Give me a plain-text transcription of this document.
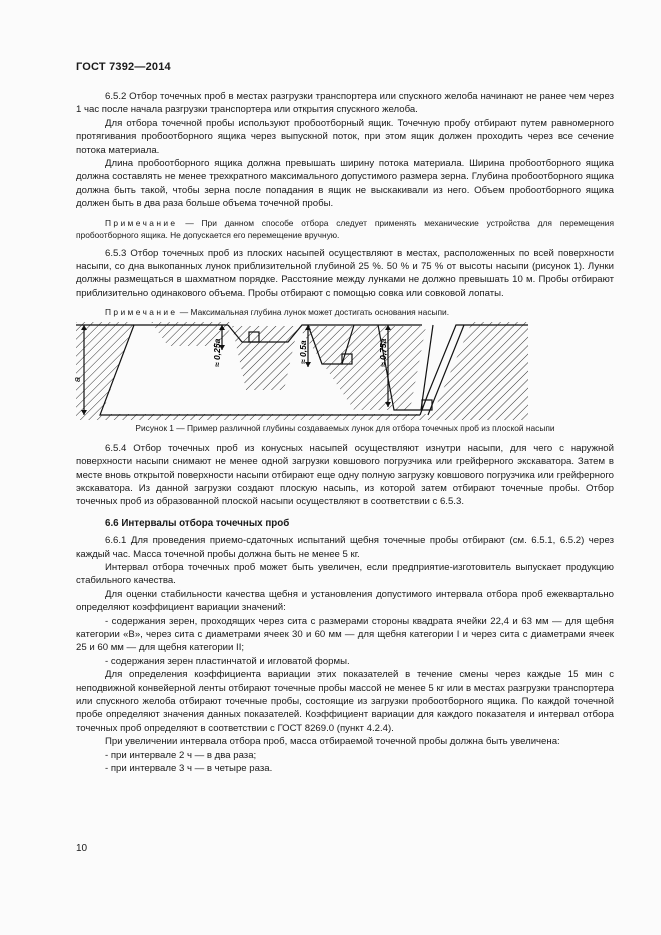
ГОСТ 7392—2014

6.5.2 Отбор точечных проб в местах разгрузки транспортера или спускного желоба начинают не ранее чем через 1 час после начала разгрузки транспортера или открытия спускного желоба.

Для отбора точечной пробы используют пробоотборный ящик. Точечную пробу отбирают путем равномерного протягивания пробоотборного ящика через выпускной поток, при этом ящик должен проходить через все сечение потока материала.

Длина пробоотборного ящика должна превышать ширину потока материала. Ширина пробоотборного ящика должна составлять не менее трехкратного максимального допустимого размера зерна. Глубина пробоотборного ящика должна быть такой, чтобы зерна после попадания в ящик не выскакивали из него. Объем пробоотборного ящика должен быть в два раза больше объема точечной пробы.

Примечание — При данном способе отбора следует применять механические устройства для перемещения пробоотборного ящика. Не допускается его перемещение вручную.

6.5.3 Отбор точечных проб из плоских насыпей осуществляют в местах, расположенных по всей поверхности насыпи, со дна выкопанных лунок приблизительной глубиной 25 %. 50 % и 75 % от высоты насыпи (рисунок 1). Лунки должны размещаться в шахматном порядке. Расстояние между лунками не должно превышать 10 м. Пробы отбирают приблизительно одинакового объема. Пробы отбирают с помощью совка или совковой лопаты.

Примечание — Максимальная глубина лунок может достигать основания насыпи.

a
≈ 0,25a	≈ 0,5a	≈ 0,75a

Рисунок 1 — Пример различной глубины создаваемых лунок для отбора точечных проб из плоской насыпи

6.5.4 Отбор точечных проб из конусных насыпей осуществляют изнутри насыпи, для чего с наружной поверхности насыпи снимают не менее одной загрузки ковшового погрузчика или грейферного экскаватора. Затем в месте вновь открытой поверхности насыпи отбирают еще одну полную загрузку ковшового погрузчика или грейферного экскаватора. Из данной загрузки создают плоскую насыпь, из которой затем отбирают точечные пробы. Отбор точечных проб из образованной плоской насыпи осуществляют в соответствии с 6.5.3.

6.6 Интервалы отбора точечных проб

6.6.1 Для проведения приемо-сдаточных испытаний щебня точечные пробы отбирают (см. 6.5.1, 6.5.2) через каждый час. Масса точечной пробы должна быть не менее 5 кг.

Интервал отбора точечных проб может быть увеличен, если предприятие-изготовитель выпускает продукцию стабильного качества.

Для оценки стабильности качества щебня и установления допустимого интервала отбора проб ежеквартально определяют коэффициент вариации значений:

- содержания зерен, проходящих через сита с размерами стороны квадрата ячейки 22,4 и 63 мм — для щебня категории «В», через сита с диаметрами ячеек 30 и 60 мм — для щебня категории I и через сита с диаметрами ячеек 25 и 60 мм — для щебня категории II;

- содержания зерен пластинчатой и игловатой формы.

Для определения коэффициента вариации этих показателей в течение смены через каждые 15 мин с неподвижной конвейерной ленты отбирают точечные пробы массой не менее 5 кг или в местах разгрузки транспортера или спускного желоба отбирают точечные пробы, состоящие из загрузки пробоотборного ящика. По каждой точечной пробе определяют значения данных показателей. Коэффициент вариации для каждого показателя и интервал отбора точечных проб определяют в соответствии с ГОСТ 8269.0 (пункт 4.2.4).

При увеличении интервала отбора проб, масса отбираемой точечной пробы должна быть увеличена:

- при интервале 2 ч — в два раза;

- при интервале 3 ч — в четыре раза.

10
